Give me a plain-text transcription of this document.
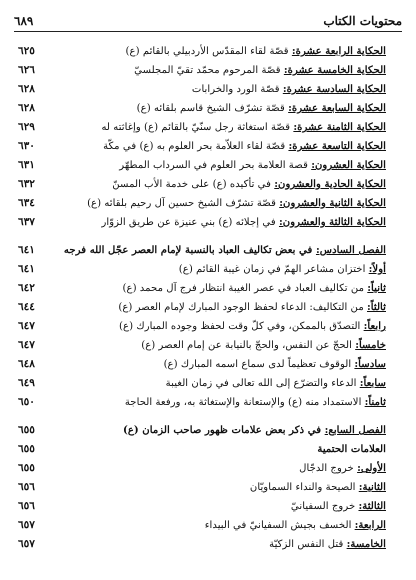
٦٨٩	محتويات الكتاب
الحكاية الرابعة عشرة: قصّة لقاء المقدّس الأردبيلي بالقائم (ع)
٦٢٥
الحكاية الخامسة عشرة: قصّة المرحوم محمّد تقيّ المجلسيّ
٦٢٦
الحكاية السادسة عشرة: قصّة الورد والخرابات
٦٢٨
الحكاية السابعة عشرة: قصّة تشرّف الشيخ قاسم بلقائه (ع)
٦٢٨
الحكاية الثامنة عشرة: قصّة استغاثة رجل سنّيّ بالقائم (ع) وإغاثته له
٦٢٩
الحكاية التاسعة عشرة: قصّة لقاء العلاّمة بحر العلوم به (ع) في مكّة
٦٣٠
الحكاية العشرون: قصة العلامة بحر العلوم في السرداب المطهّر
٦٣١
الحكاية الحادية والعشرون: في تأكيده (ع) على خدمة الأب المسنّ
٦٣٢
الحكاية الثانية والعشرون: قصّة تشرّف الشيخ حسين آل رحيم بلقائه (ع)
٦٣٤
الحكاية الثالثة والعشرون: في إجلائه (ع) بني عنيزة عن طريق الزوّار
٦٣٧
الفصل السادس: في بعض تكاليف العباد بالنسبة لإمام العصر عجّل الله فرجه
٦٤١
أولاً: اختزان مشاعر الهمّ في زمان غيبة القائم (ع)
٦٤١
ثانياً: من تكاليف العباد في عصر الغيبة انتظار فرج آل محمد (ع)
٦٤٢
ثالثاً: من التكاليف: الدعاء لحفظ الوجود المبارك لإمام العصر (ع)
٦٤٤
رابعاً: التصدّق بالممكن، وفي كلّ وقت لحفظ وجوده المبارك (ع)
٦٤٧
خامساً: الحجّ عن النفس، والحجّ بالنيابة عن إمام العصر (ع)
٦٤٧
سادساً: الوقوف تعظيماً لدى سماع اسمه المبارك (ع)
٦٤٨
سابعاً: الدعاء والتضرّع إلى الله تعالى في زمان الغيبة
٦٤٩
ثامناً: الاستمداد منه (ع) والإستعانة والإستغاثة به، ورفعة الحاجة
٦٥٠
الفصل السابع: في ذكر بعض علامات ظهور صاحب الزمان (ع)
٦٥٥
العلامات الحتمية
٦٥٥
الأولى: خروج الدجّال
٦٥٥
الثانية: الصيحة والنداء السماويّان
٦٥٦
الثالثة: خروج السفيانيّ
٦٥٦
الرابعة: الخسف بجيش السفيانيّ في البيداء
٦٥٧
الخامسة: قتل النفس الزكيّة
٦٥٧
